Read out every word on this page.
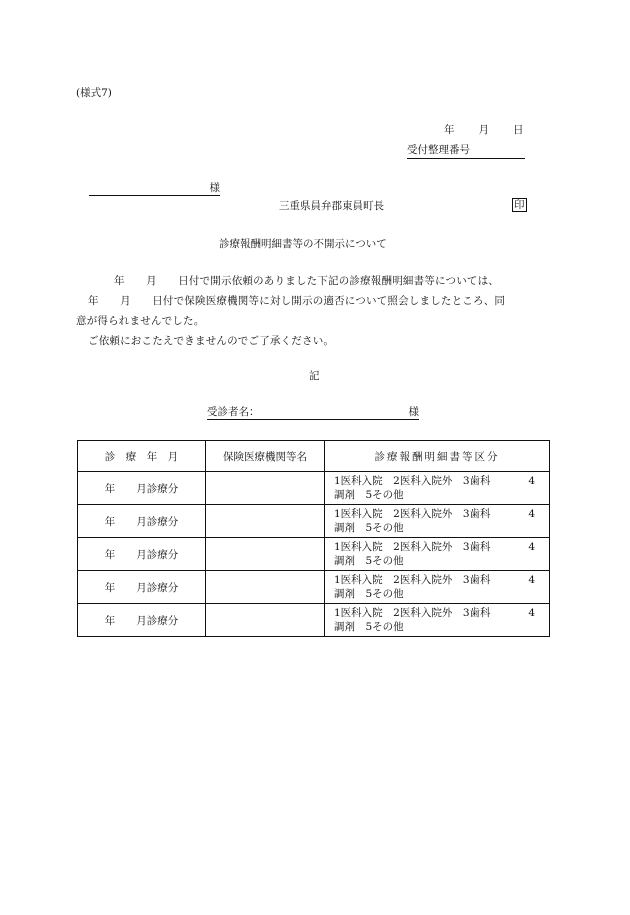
(様式7)
年　　月　　日
受付整理番号
様
三重県員弁郡東員町長	印
診療報酬明細書等の不開示について

年　　月　　日付で開示依頼のありました下記の診療報酬明細書等については、

年　　月　　日付で保険医療機関等に対し開示の適否について照会しましたところ、同

意が得られませんでした。

ご依頼におこたえできませんのでご了承ください。

記
受診者名：	様
診　療　年　月	保険医療機関等名	診療報酬明細書等区分
年　　月診療分		1医科入院　2医科入院外　3歯科 4
調剤　5その他

年　　月診療分		1医科入院　2医科入院外　3歯科 4
調剤　5その他

年　　月診療分		1医科入院　2医科入院外　3歯科 4
調剤　5その他

年　　月診療分		1医科入院　2医科入院外　3歯科 4
調剤　5その他

年　　月診療分		1医科入院　2医科入院外　3歯科 4
調剤　5その他
